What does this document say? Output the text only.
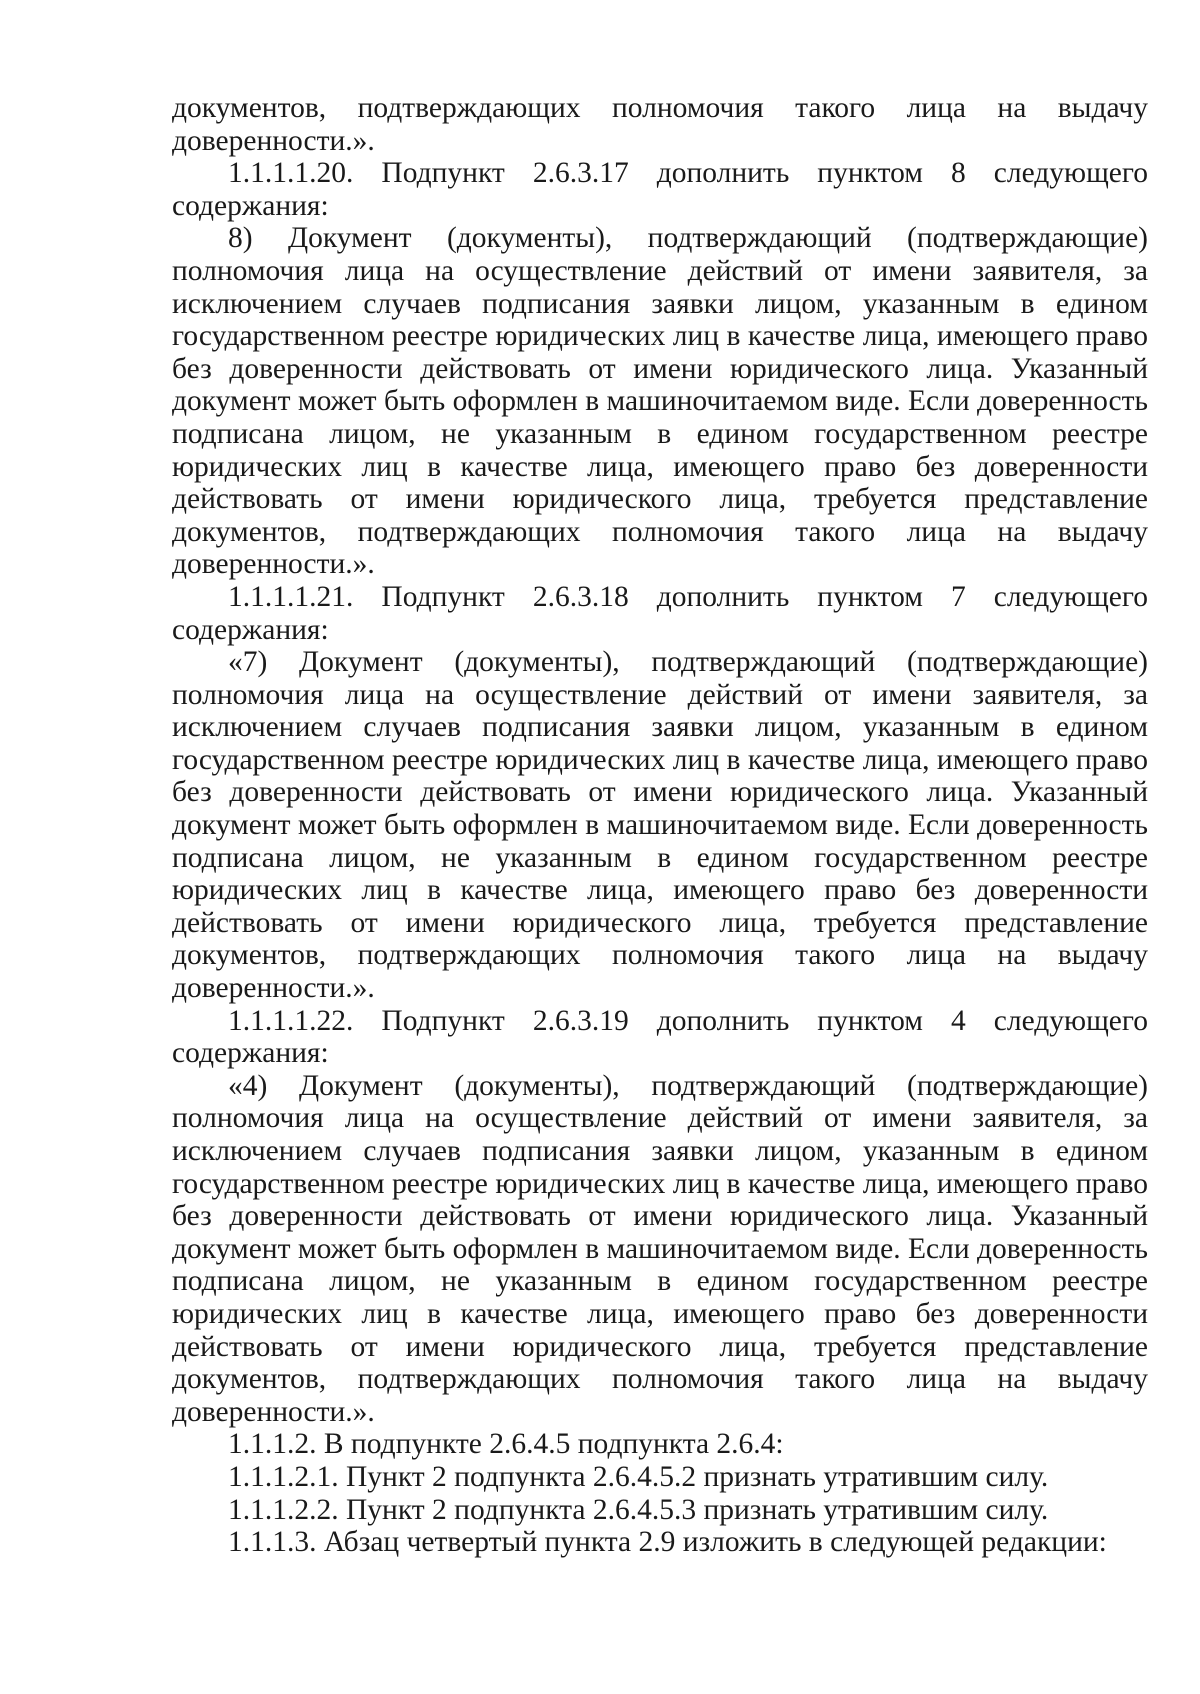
документов, подтверждающих полномочия такого лица на выдачу доверенности.».

1.1.1.1.20. Подпункт 2.6.3.17 дополнить пунктом 8 следующего содержания:

8) Документ (документы), подтверждающий (подтверждающие) полномочия лица на осуществление действий от имени заявителя, за исключением случаев подписания заявки лицом, указанным в едином государственном реестре юридических лиц в качестве лица, имеющего право без доверенности действовать от имени юридического лица. Указанный документ может быть оформлен в машиночитаемом виде. Если доверенность подписана лицом, не указанным в едином государственном реестре юридических лиц в качестве лица, имеющего право без доверенности действовать от имени юридического лица, требуется представление документов, подтверждающих полномочия такого лица на выдачу доверенности.».

1.1.1.1.21. Подпункт 2.6.3.18 дополнить пунктом 7 следующего содержания:

«7) Документ (документы), подтверждающий (подтверждающие) полномочия лица на осуществление действий от имени заявителя, за исключением случаев подписания заявки лицом, указанным в едином государственном реестре юридических лиц в качестве лица, имеющего право без доверенности действовать от имени юридического лица. Указанный документ может быть оформлен в машиночитаемом виде. Если доверенность подписана лицом, не указанным в едином государственном реестре юридических лиц в качестве лица, имеющего право без доверенности действовать от имени юридического лица, требуется представление документов, подтверждающих полномочия такого лица на выдачу доверенности.».

1.1.1.1.22. Подпункт 2.6.3.19 дополнить пунктом 4 следующего содержания:

«4) Документ (документы), подтверждающий (подтверждающие) полномочия лица на осуществление действий от имени заявителя, за исключением случаев подписания заявки лицом, указанным в едином государственном реестре юридических лиц в качестве лица, имеющего право без доверенности действовать от имени юридического лица. Указанный документ может быть оформлен в машиночитаемом виде. Если доверенность подписана лицом, не указанным в едином государственном реестре юридических лиц в качестве лица, имеющего право без доверенности действовать от имени юридического лица, требуется представление документов, подтверждающих полномочия такого лица на выдачу доверенности.».

1.1.1.2. В подпункте 2.6.4.5 подпункта 2.6.4:

1.1.1.2.1. Пункт 2 подпункта 2.6.4.5.2 признать утратившим силу.

1.1.1.2.2. Пункт 2 подпункта 2.6.4.5.3 признать утратившим силу.

1.1.1.3. Абзац четвертый пункта 2.9 изложить в следующей редакции:
